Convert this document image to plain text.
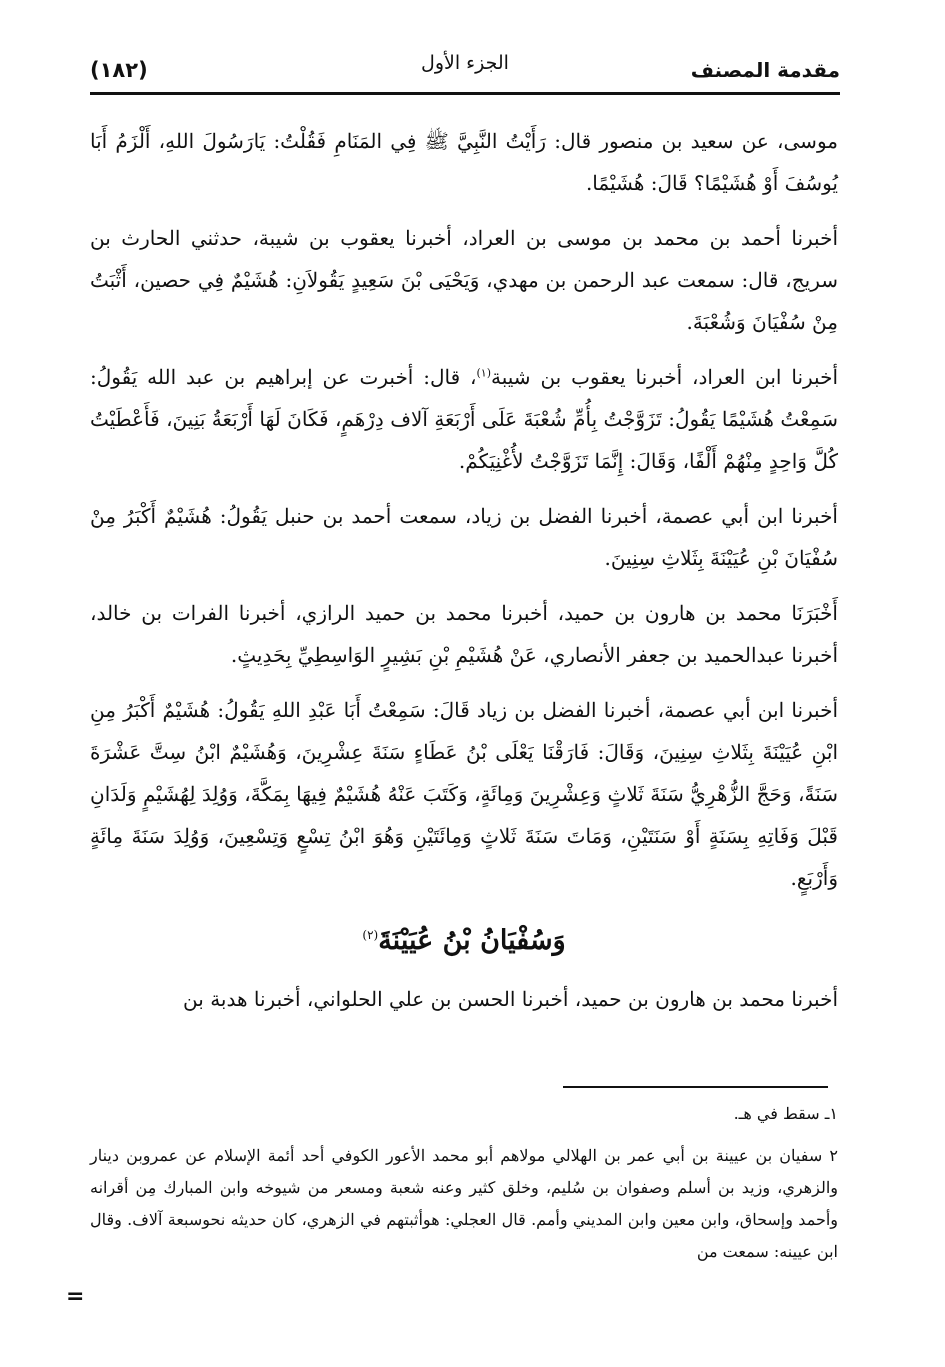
مقدمة المصنف
الجزء الأول
(١٨٢)

موسى، عن سعيد بن منصور قال: رَأَيْتُ النَّبِيَّ ﷺ فِي المَنَامِ فَقُلْتُ: يَارَسُولَ اللهِ، أَلْزَمُ أَبَا يُوسُفَ أَوْ هُشَيْمًا؟ قَالَ: هُشَيْمًا.

أخبرنا أحمد بن محمد بن موسى بن العراد، أخبرنا يعقوب بن شيبة، حدثني الحارث بن سريج، قال: سمعت عبد الرحمن بن مهدي، وَيَحْيَى بْنَ سَعِيدٍ يَقُولاَنِ: هُشَيْمٌ فِي حصين، أَثْبَتُ مِنْ سُفْيَانَ وَشُعْبَةَ.

أخبرنا ابن العراد، أخبرنا يعقوب بن شيبة$^{(١)}$، قال: أخبرت عن إبراهيم بن عبد الله يَقُولُ: سَمِعْتُ هُشَيْمًا يَقُولُ: تَزَوَّجْتُ بِأُمِّ شُعْبَةَ عَلَى أَرْبَعَةِ آلاف دِرْهَمٍ، فَكَانَ لَهَا أَرْبَعَةُ بَنِينَ، فَأَعْطَيْتُ كُلَّ وَاحِدٍ مِنْهُمْ أَلْفًا، وَقَالَ: إِنَّمَا تَزَوَّجْتُ لأُغْنِيَكُمْ.

أخبرنا ابن أبي عصمة، أخبرنا الفضل بن زياد، سمعت أحمد بن حنبل يَقُولُ: هُشَيْمٌ أَكْبَرُ مِنْ سُفْيَانَ بْنِ عُيَيْنَةَ بِثَلاثِ سِنِينَ.

أَخْبَرَنَا محمد بن هارون بن حميد، أخبرنا محمد بن حميد الرازي، أخبرنا الفرات بن خالد، أخبرنا عبدالحميد بن جعفر الأنصاري، عَنْ هُشَيْمِ بْنِ بَشِيرٍ الوَاسِطِيِّ بِحَدِيثٍ.

أخبرنا ابن أبي عصمة، أخبرنا الفضل بن زياد قَالَ: سَمِعْتُ أَبَا عَبْدِ اللهِ يَقُولُ: هُشَيْمٌ أَكْبَرُ مِنِ ابْنِ عُيَيْنَةَ بِثَلاثِ سِنِينَ، وَقَالَ: فَارَقْنَا يَعْلَى بْنُ عَطَاءٍ سَنَةَ عِشْرِينَ، وَهُشَيْمٌ ابْنُ سِتَّ عَشْرَةَ سَنَةً، وَحَجَّ الزُّهْرِيُّ سَنَةَ ثَلاثٍ وَعِشْرِينَ وَمِائَةٍ، وَكَتَبَ عَنْهُ هُشَيْمٌ فِيهَا بِمَكَّةَ، وَوُلِدَ لِهُشَيْمٍ وَلَدَانِ قَبْلَ وَفَاتِهِ بِسَنَةٍ أَوْ سَنَتَيْنِ، وَمَاتَ سَنَةَ ثَلاثٍ وَمِائَتَيْنِ وَهُوَ ابْنُ تِسْعٍ وَتِسْعِينَ، وَوُلِدَ سَنَةَ مِائَةٍ وَأَرْبَعٍ.

وَسُفْيَانُ بْنُ عُيَيْنَةَ$^{(٢)}$

أخبرنا محمد بن هارون بن حميد، أخبرنا الحسن بن علي الحلواني، أخبرنا هدبة بن

١ـ سقط في هـ.

٢ سفيان بن عيينة بن أبي عمر بن الهلالي مولاهم أبو محمد الأعور الكوفي أحد أئمة الإسلام عن عمروبن دينار والزهري، وزيد بن أسلم وصفوان بن سُليم، وخلق كثير وعنه شعبة ومسعر من شيوخه وابن المبارك مِن أقرانه وأحمد وإسحاق، وابن معين وابن المديني وأمم. قال العجلي: هوأثبتهم في الزهري، كان حديثه نحوسبعة آلاف. وقال ابن عيينه: سمعت من

=
